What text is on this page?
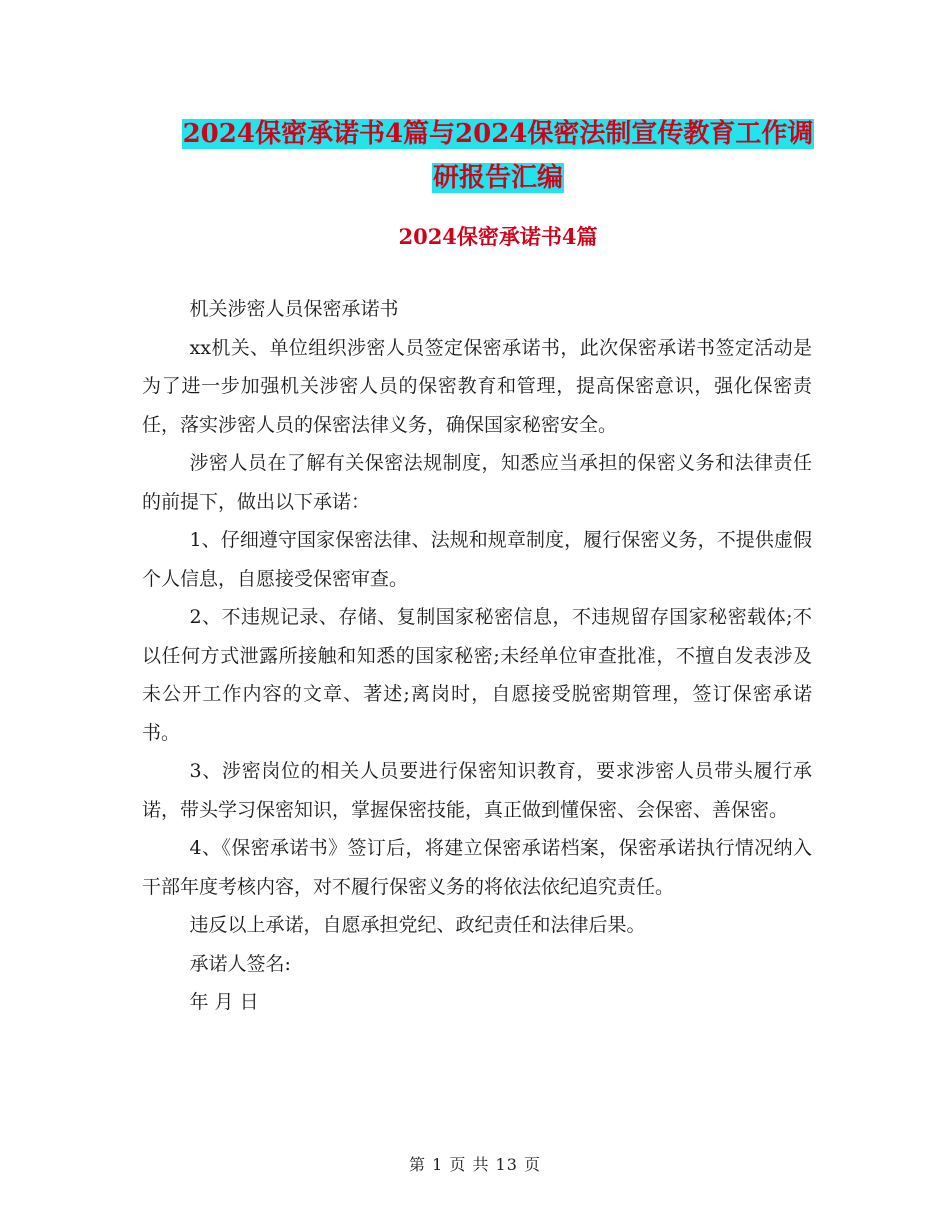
2024保密承诺书4篇与2024保密法制宣传教育工作调
研报告汇编
2024保密承诺书4篇

机关涉密人员保密承诺书

xx机关、单位组织涉密人员签定保密承诺书，此次保密承诺书签定活动是为了进一步加强机关涉密人员的保密教育和管理，提高保密意识，强化保密责任，落实涉密人员的保密法律义务，确保国家秘密安全。

涉密人员在了解有关保密法规制度，知悉应当承担的保密义务和法律责任的前提下，做出以下承诺：

1、仔细遵守国家保密法律、法规和规章制度，履行保密义务，不提供虚假个人信息，自愿接受保密审查。

2、不违规记录、存储、复制国家秘密信息，不违规留存国家秘密载体;不以任何方式泄露所接触和知悉的国家秘密;未经单位审查批准，不擅自发表涉及未公开工作内容的文章、著述;离岗时，自愿接受脱密期管理，签订保密承诺书。

3、涉密岗位的相关人员要进行保密知识教育，要求涉密人员带头履行承诺，带头学习保密知识，掌握保密技能，真正做到懂保密、会保密、善保密。

4、《保密承诺书》签订后，将建立保密承诺档案，保密承诺执行情况纳入干部年度考核内容，对不履行保密义务的将依法依纪追究责任。

违反以上承诺，自愿承担党纪、政纪责任和法律后果。

承诺人签名:

年 月 日

第 1 页 共 13 页
